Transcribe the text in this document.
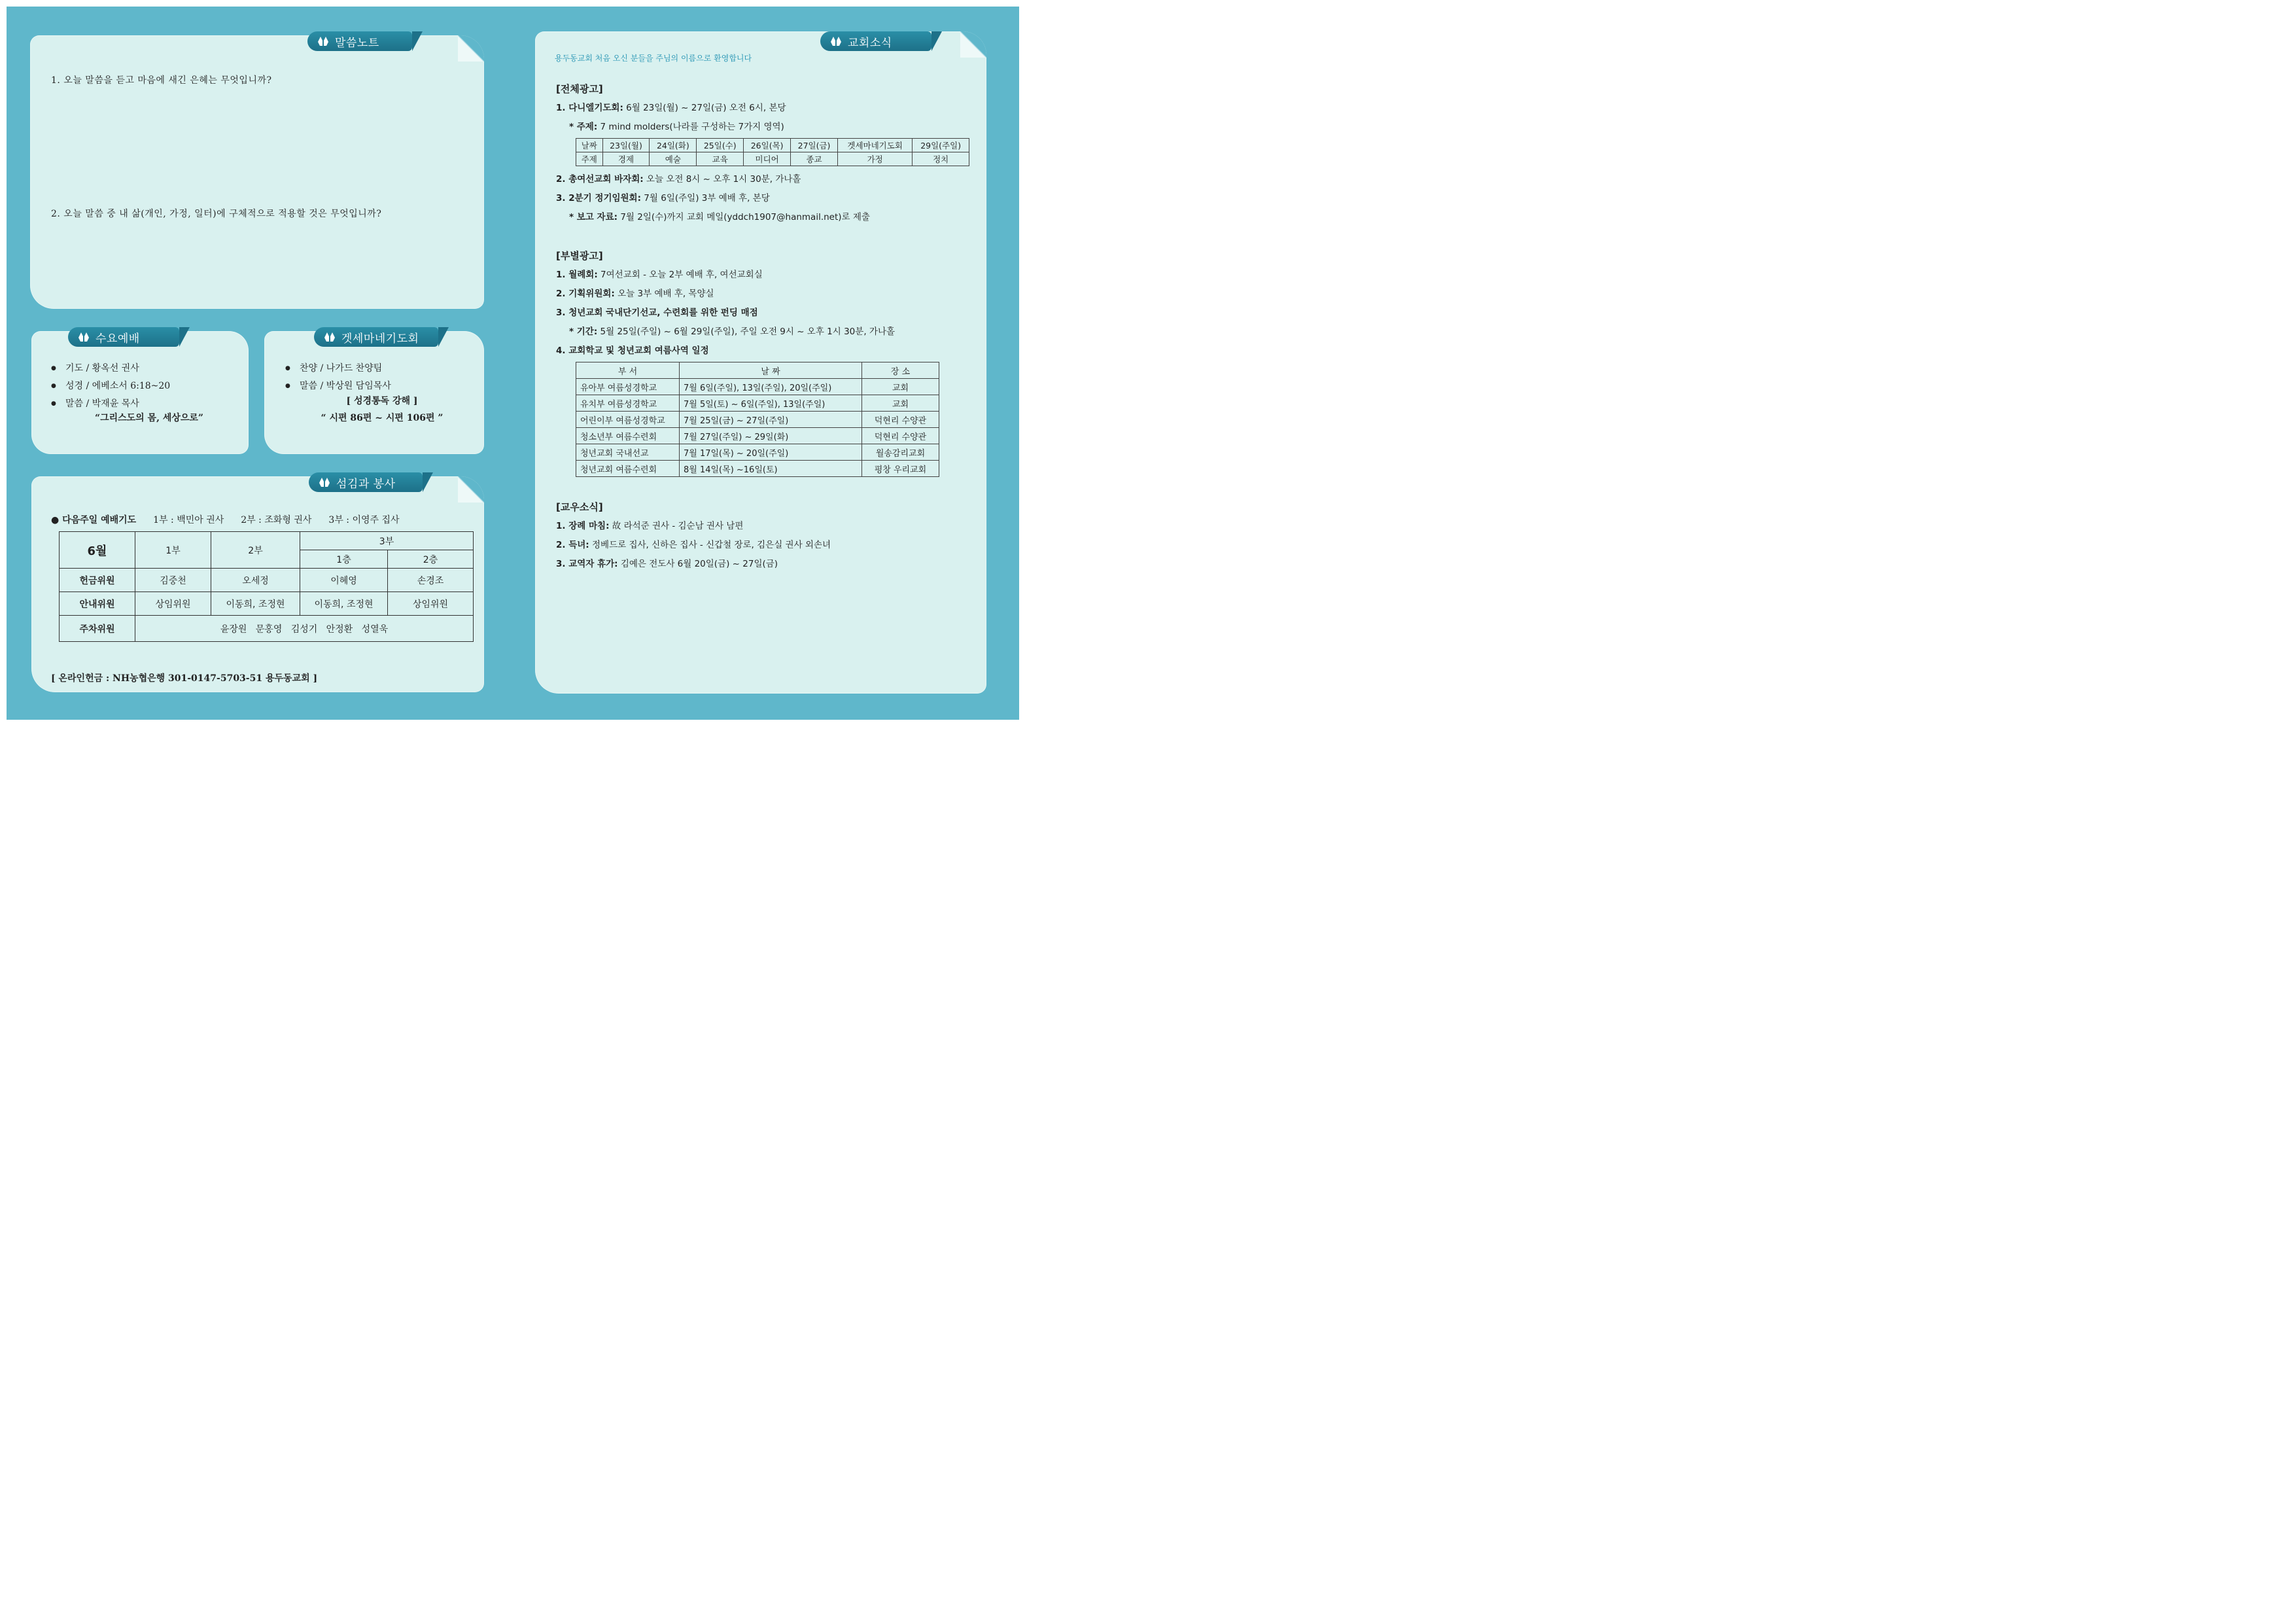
말씀노트
1. 오늘 말씀을 듣고 마음에 새긴 은혜는 무엇입니까?
2. 오늘 말씀 중 내 삶(개인, 가정, 일터)에 구체적으로 적용할 것은 무엇입니까?
수요예배
● 기도 / 황옥선 권사
● 성경 / 에베소서 6:18~20
● 말씀 / 박재윤 목사
“그리스도의 몸, 세상으로”
겟세마네기도회
● 찬양 / 나가드 찬양팀
● 말씀 / 박상원 담임목사
[ 성경통독 강해 ]
“ 시편 86편 ~ 시편 106편 ”
섬김과 봉사
● 다음주일 예배기도 1부 : 백민아 권사 2부 : 조화형 권사 3부 : 이영주 집사
6월	1부	2부	3부	
			1층	2층
헌금위원	김중천	오세정	이혜영	손경조
안내위원	상임위원	이동희, 조정현	이동희, 조정현	상임위원
주차위원	윤장원   문홍영   김성기   안정환   성열욱			
[ 온라인헌금 : NH농협은행 301-0147-5703-51 용두동교회 ]
교회소식
용두동교회 처음 오신 분들을 주님의 이름으로 환영합니다
[전체광고]
1. 다니엘기도회: 6월 23일(월) ~ 27일(금) 오전 6시, 본당
* 주제: 7 mind molders(나라를 구성하는 7가지 영역)
날짜	23일(월)	24일(화)	25일(수)	26일(목)	27일(금)	겟세마네기도회	29일(주일)
주제	경제	예술	교육	미디어	종교	가정	정치
2. 총여선교회 바자회: 오늘 오전 8시 ~ 오후 1시 30분, 가나홀
3. 2분기 정기임원회: 7월 6일(주일) 3부 예배 후, 본당
* 보고 자료: 7월 2일(수)까지 교회 메일(yddch1907@hanmail.net)로 제출
[부별광고]
1. 월례회: 7여선교회 - 오늘 2부 예배 후, 여선교회실
2. 기획위원회: 오늘 3부 예배 후, 목양실
3. 청년교회 국내단기선교, 수련회를 위한 펀딩 매점
* 기간: 5월 25일(주일) ~ 6월 29일(주일), 주일 오전 9시 ~ 오후 1시 30분, 가나홀
4. 교회학교 및 청년교회 여름사역 일정
부 서	날 짜	장 소
유아부 여름성경학교	7월 6일(주일), 13일(주일), 20일(주일)	교회
유치부 여름성경학교	7월 5일(토) ~ 6일(주일), 13일(주일)	교회
어린이부 여름성경학교	7월 25일(금) ~ 27일(주일)	덕현리 수양관
청소년부 여름수련회	7월 27일(주일) ~ 29일(화)	덕현리 수양관
청년교회 국내선교	7월 17일(목) ~ 20일(주일)	월송감리교회
청년교회 여름수련회	8월 14일(목) ~16일(토)	평창 우리교회
[교우소식]
1. 장례 마침: 故 라석준 권사 - 김순남 권사 남편
2. 득녀: 정베드로 집사, 신하은 집사 - 신갑철 장로, 김은실 권사 외손녀
3. 교역자 휴가: 김예은 전도사 6월 20일(금) ~ 27일(금)
